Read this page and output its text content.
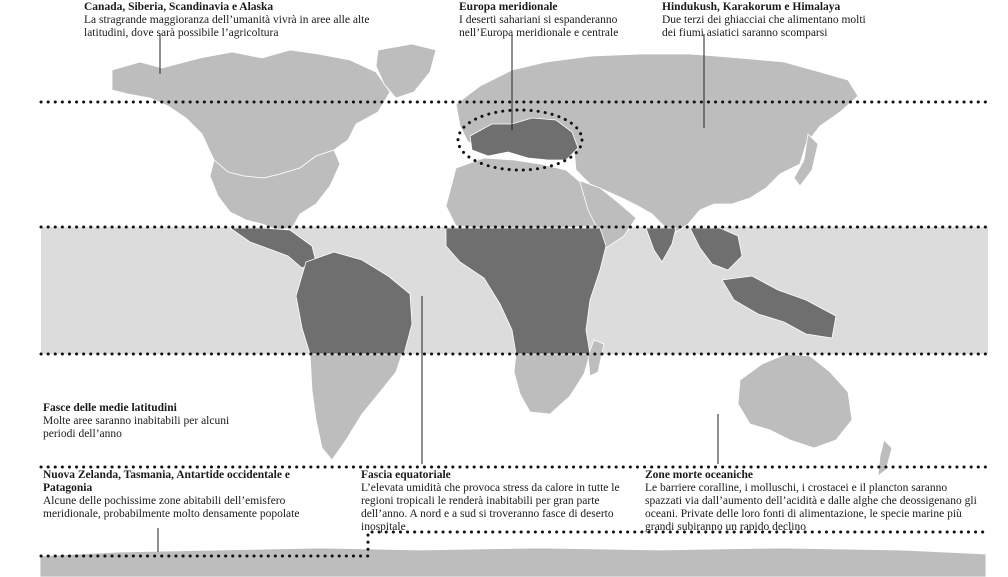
Canada, Siberia, Scandinavia e Alaska
La stragrande maggioranza dell’umanità vivrà in aree alle alte latitudini, dove sarà possibile l’agricoltura
Europa meridionale
I deserti sahariani si espanderanno nell’Europa meridionale e centrale
Hindukush, Karakorum e Himalaya
Due terzi dei ghiacciai che alimentano molti dei fiumi asiatici saranno scomparsi
Fasce delle medie latitudini
Molte aree saranno inabitabili per alcuni periodi dell’anno
Nuova Zelanda, Tasmania, Antartide occidentale e Patagonia
Alcune delle pochissime zone abitabili dell’emisfero meridionale, probabilmente molto densamente popolate
Fascia equatoriale
L’elevata umidità che provoca stress da calore in tutte le regioni tropicali le renderà inabitabili per gran parte dell’anno. A nord e a sud si troveranno fasce di deserto inospitale
Zone morte oceaniche
Le barriere coralline, i molluschi, i crostacei e il plancton saranno spazzati via dall’aumento dell’acidità e dalle alghe che deossigenano gli oceani. Private delle loro fonti di alimentazione, le specie marine più grandi subiranno un rapido declino
